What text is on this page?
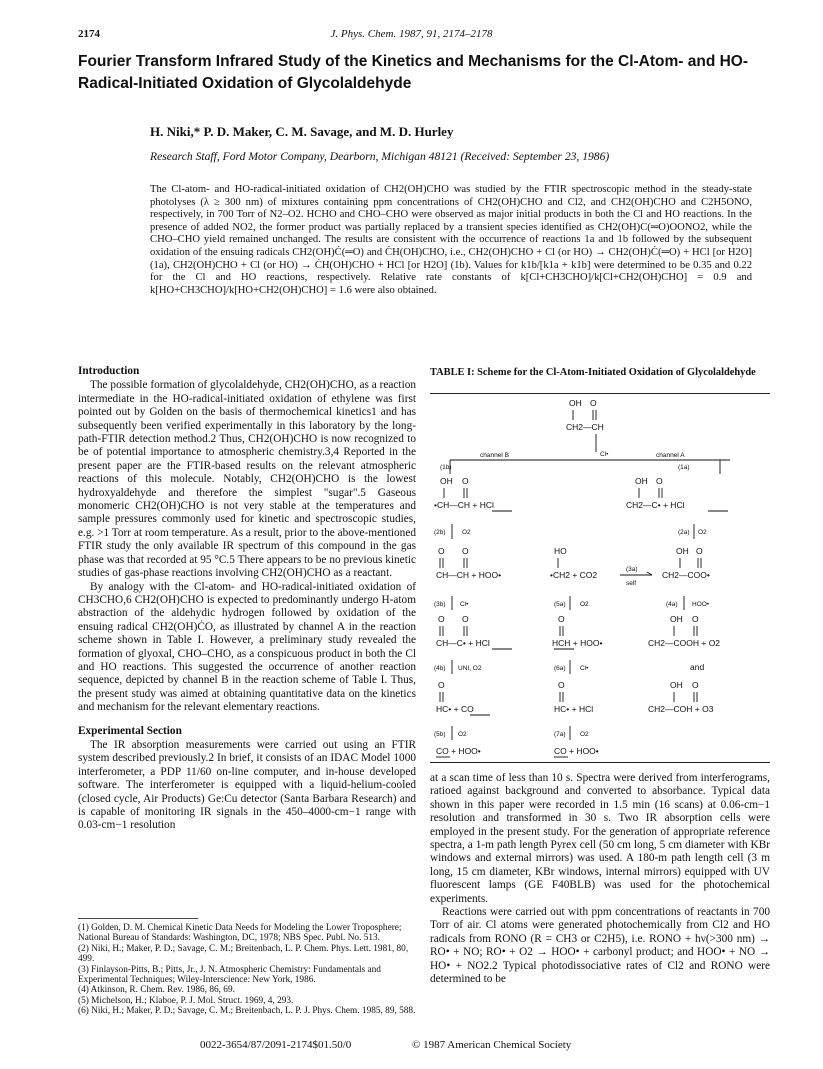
2174	J. Phys. Chem. 1987, 91, 2174–2178
Fourier Transform Infrared Study of the Kinetics and Mechanisms for the Cl-Atom- and HO-Radical-Initiated Oxidation of Glycolaldehyde
H. Niki,* P. D. Maker, C. M. Savage, and M. D. Hurley
Research Staff, Ford Motor Company, Dearborn, Michigan 48121 (Received: September 23, 1986)
The Cl-atom- and HO-radical-initiated oxidation of CH2(OH)CHO was studied by the FTIR spectroscopic method in the steady-state photolyses (λ ≥ 300 nm) of mixtures containing ppm concentrations of CH2(OH)CHO and Cl2, and CH2(OH)CHO and C2H5ONO, respectively, in 700 Torr of N2–O2. HCHO and CHO–CHO were observed as major initial products in both the Cl and HO reactions. In the presence of added NO2, the former product was partially replaced by a transient species identified as CH2(OH)C(═O)OONO2, while the CHO–CHO yield remained unchanged. The results are consistent with the occurrence of reactions 1a and 1b followed by the subsequent oxidation of the ensuing radicals CH2(OH)Ċ(═O) and ĊH(OH)CHO, i.e., CH2(OH)CHO + Cl (or HO) → CH2(OH)Ċ(═O) + HCl [or H2O] (1a), CH2(OH)CHO + Cl (or HO) → ĊH(OH)CHO + HCl [or H2O] (1b). Values for k1b/[k1a + k1b] were determined to be 0.35 and 0.22 for the Cl and HO reactions, respectively. Relative rate constants of k[Cl+CH3CHO]/k[Cl+CH2(OH)CHO] = 0.9 and k[HO+CH3CHO]/k[HO+CH2(OH)CHO] = 1.6 were also obtained.
Introduction

The possible formation of glycolaldehyde, CH2(OH)CHO, as a reaction intermediate in the HO-radical-initiated oxidation of ethylene was first pointed out by Golden on the basis of thermochemical kinetics1 and has subsequently been verified experimentally in this laboratory by the long-path-FTIR detection method.2 Thus, CH2(OH)CHO is now recognized to be of potential importance to atmospheric chemistry.3,4 Reported in the present paper are the FTIR-based results on the relevant atmospheric reactions of this molecule. Notably, CH2(OH)CHO is the lowest hydroxyaldehyde and therefore the simplest "sugar".5 Gaseous monomeric CH2(OH)CHO is not very stable at the temperatures and sample pressures commonly used for kinetic and spectroscopic studies, e.g. >1 Torr at room temperature. As a result, prior to the above-mentioned FTIR study the only available IR spectrum of this compound in the gas phase was that recorded at 95 °C.5 There appears to be no previous kinetic studies of gas-phase reactions involving CH2(OH)CHO as a reactant.

By analogy with the Cl-atom- and HO-radical-initiated oxidation of CH3CHO,6 CH2(OH)CHO is expected to predominantly undergo H-atom abstraction of the aldehydic hydrogen followed by oxidation of the ensuing radical CH2(OH)ĊO, as illustrated by channel A in the reaction scheme shown in Table I. However, a preliminary study revealed the formation of glyoxal, CHO–CHO, as a conspicuous product in both the Cl and HO reactions. This suggested the occurrence of another reaction sequence, depicted by channel B in the reaction scheme of Table I. Thus, the present study was aimed at obtaining quantitative data on the kinetics and mechanism for the relevant elementary reactions.

Experimental Section

The IR absorption measurements were carried out using an FTIR system described previously.2 In brief, it consists of an IDAC Model 1000 interferometer, a PDP 11/60 on-line computer, and in-house developed software. The interferometer is equipped with a liquid-helium-cooled (closed cycle, Air Products) Ge:Cu detector (Santa Barbara Research) and is capable of monitoring IR signals in the 450–4000-cm−1 range with 0.03-cm−1 resolution

(1) Golden, D. M. Chemical Kinetic Data Needs for Modeling the Lower Troposphere; National Bureau of Standards: Washington, DC, 1978; NBS Spec. Publ. No. 513.
(2) Niki, H.; Maker, P. D.; Savage, C. M.; Breitenbach, L. P. Chem. Phys. Lett. 1981, 80, 499.
(3) Finlayson-Pitts, B.; Pitts, Jr., J. N. Atmospheric Chemistry: Fundamentals and Experimental Techniques; Wiley-Interscience: New York, 1986.
(4) Atkinson, R. Chem. Rev. 1986, 86, 69.
(5) Michelson, H.; Klaboe, P. J. Mol. Struct. 1969, 4, 293.
(6) Niki, H.; Maker, P. D.; Savage, C. M.; Breitenbach, L. P. J. Phys. Chem. 1985, 89, 588.
TABLE I: Scheme for the Cl-Atom-Initiated Oxidation of Glycolaldehyde
OH O
CH2—CH
Cl•
channel B	channel A
(1b)	(1a)
OH O
•CH—CH + HCl
OH O
CH2—C• + HCl
(2b)	O2	(2a) O2
O O
CH—CH + HOO•
HO
•CH2 + CO2
(3a)
self
OH O
CH2—COO•
(3b) Cl•	(5a) O2	(4a) HOO•
O O
CH—C• + HCl
O
HCH + HOO•
OH O
CH2—COOH + O2
(4b) UNI, O2	(6a) Cl•	and
O
HC• + CO
O
HC• + HCl
OH O
CH2—COH + O3
(5b) O2	(7a) O2
CO + HOO•	CO + HOO•

at a scan time of less than 10 s. Spectra were derived from interferograms, ratioed against background and converted to absorbance. Typical data shown in this paper were recorded in 1.5 min (16 scans) at 0.06-cm−1 resolution and transformed in 30 s. Two IR absorption cells were employed in the present study. For the generation of appropriate reference spectra, a 1-m path length Pyrex cell (50 cm long, 5 cm diameter with KBr windows and external mirrors) was used. A 180-m path length cell (3 m long, 15 cm diameter, KBr windows, internal mirrors) equipped with UV fluorescent lamps (GE F40BLB) was used for the photochemical experiments.

Reactions were carried out with ppm concentrations of reactants in 700 Torr of air. Cl atoms were generated photochemically from Cl2 and HO radicals from RONO (R = CH3 or C2H5), i.e. RONO + hν(>300 nm) → RO• + NO; RO• + O2 → HOO• + carbonyl product; and HOO• + NO → HO• + NO2.2 Typical photodissociative rates of Cl2 and RONO were determined to be

0022-3654/87/2091-2174$01.50/0	© 1987 American Chemical Society
